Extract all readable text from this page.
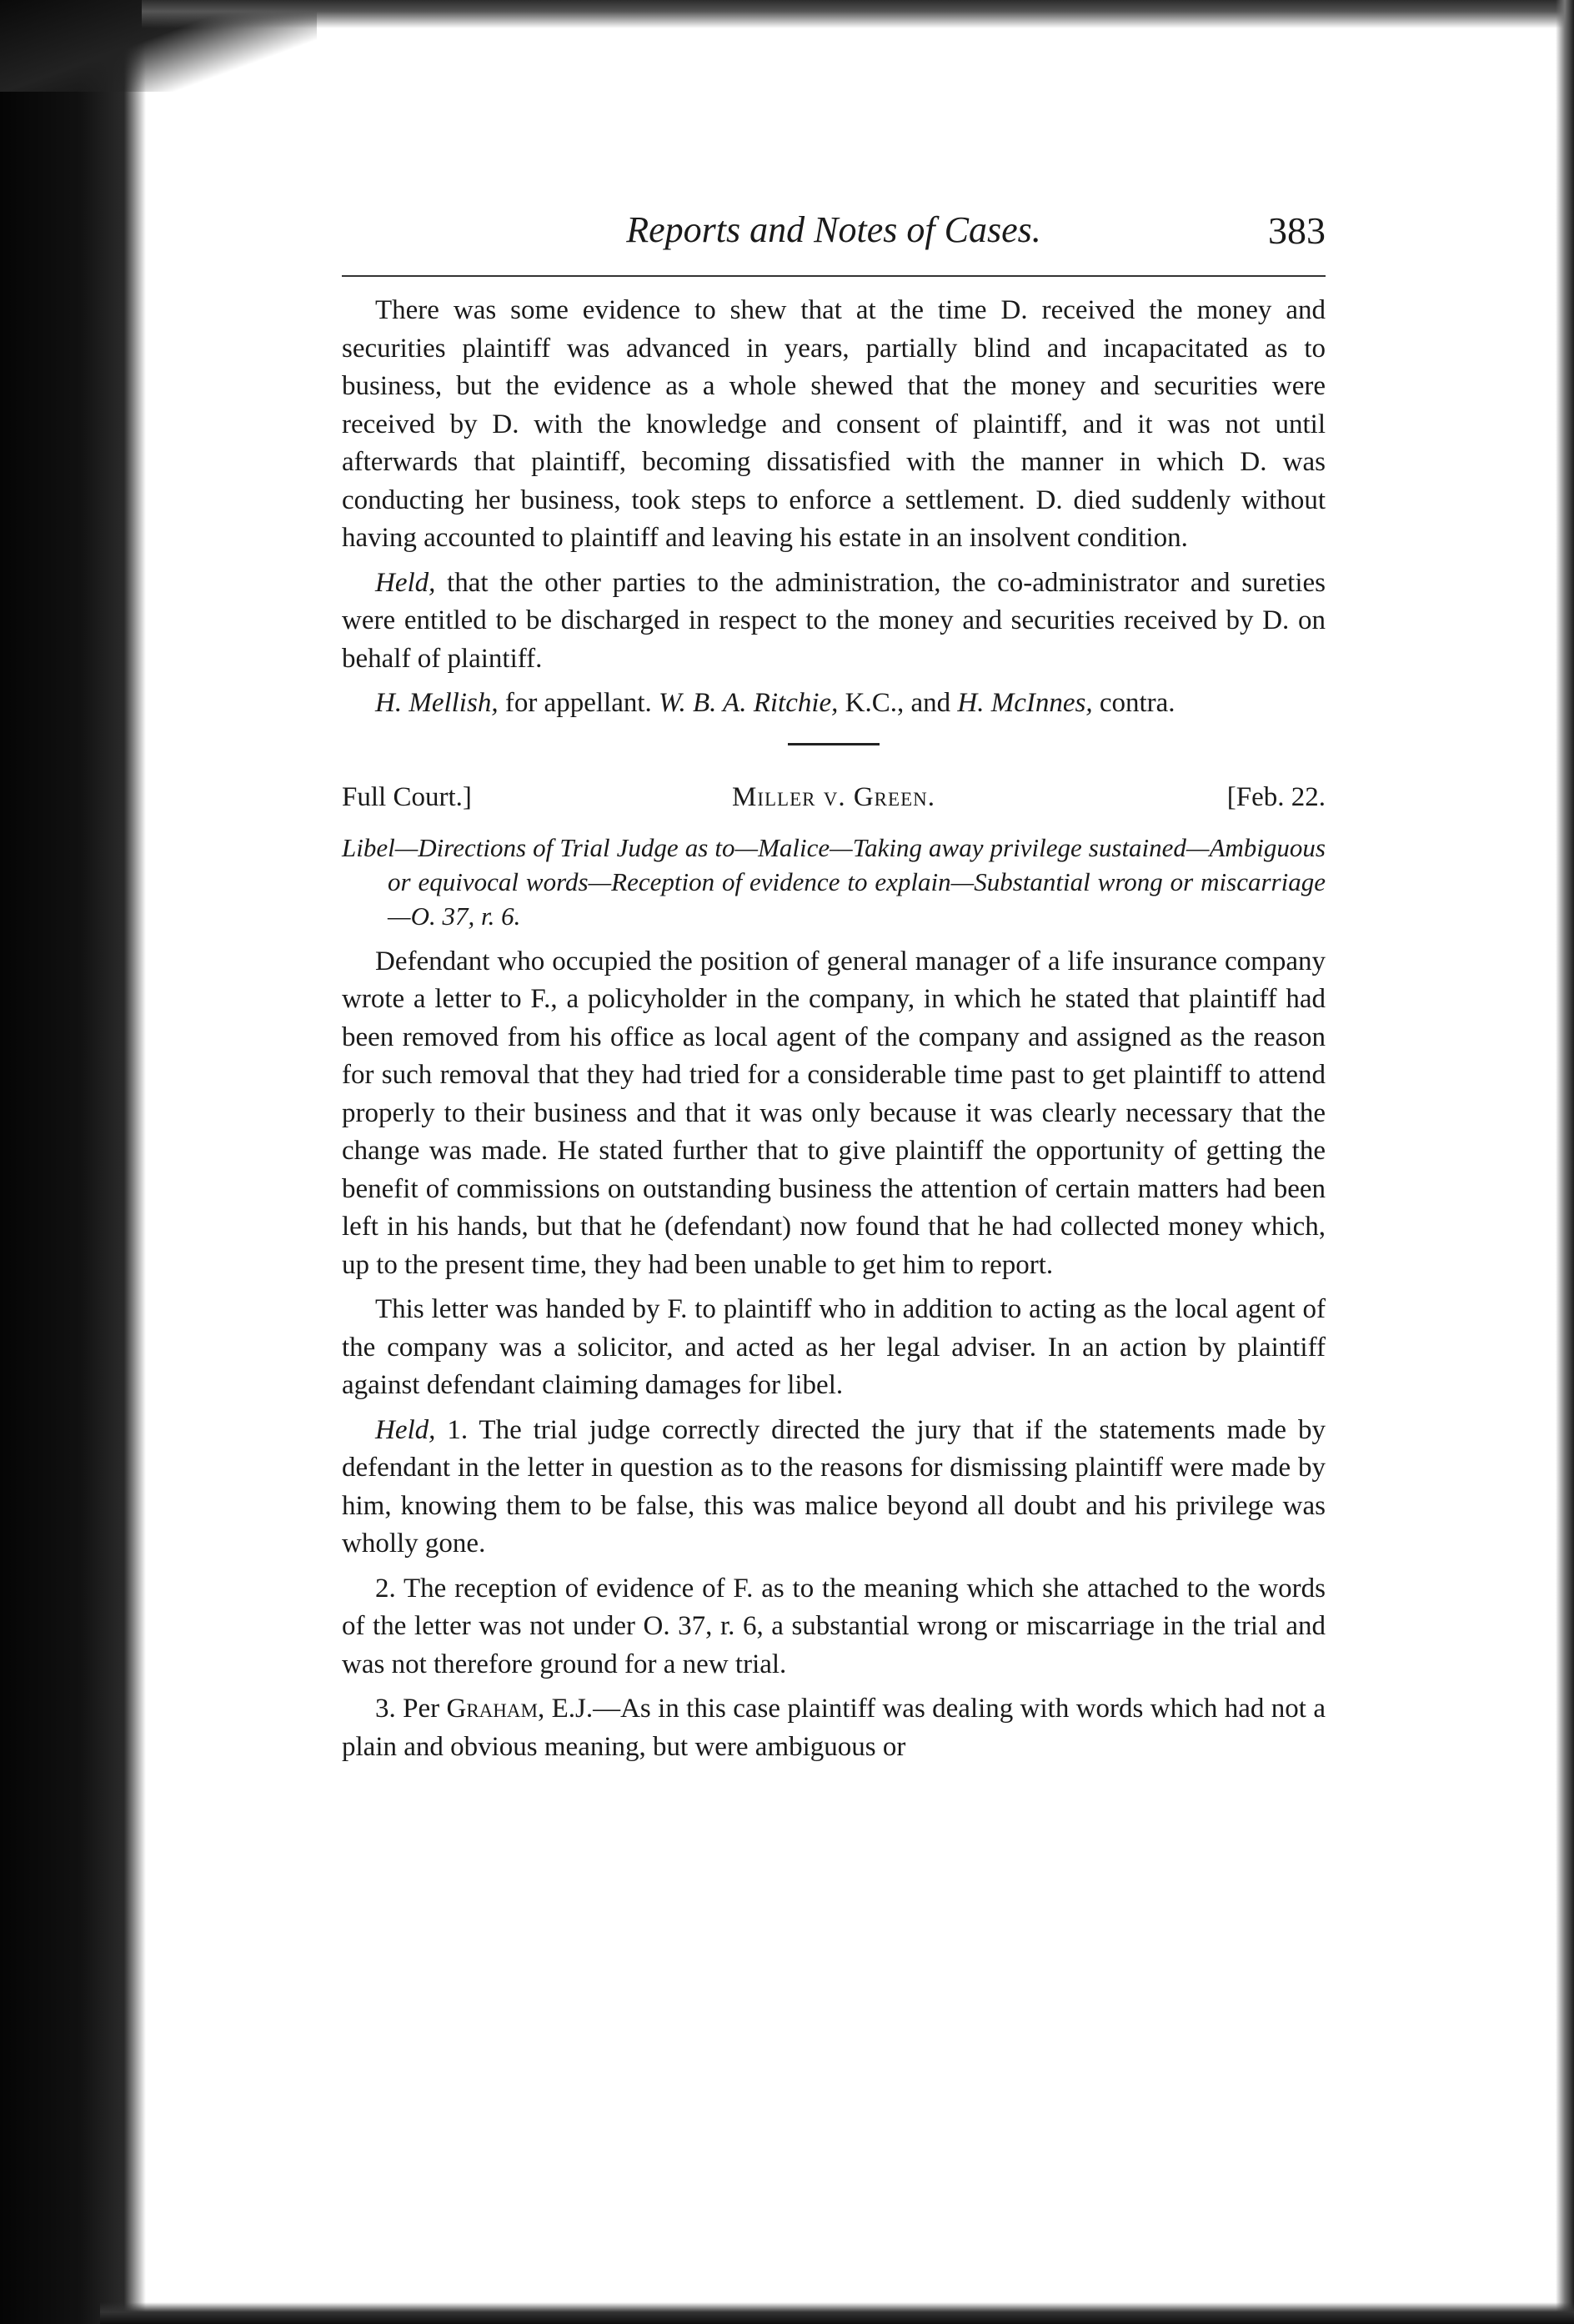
Reports and Notes of Cases.	383

There was some evidence to shew that at the time D. received the money and securities plaintiff was advanced in years, partially blind and incapacitated as to business, but the evidence as a whole shewed that the money and securities were received by D. with the knowledge and consent of plaintiff, and it was not until afterwards that plaintiff, becoming dissatisfied with the manner in which D. was conducting her business, took steps to enforce a settlement. D. died suddenly without having accounted to plaintiff and leaving his estate in an insolvent condition.

Held, that the other parties to the administration, the co-administrator and sureties were entitled to be discharged in respect to the money and securities received by D. on behalf of plaintiff.

H. Mellish, for appellant. W. B. A. Ritchie, K.C., and H. McInnes, contra.

Full Court.]	Miller v. Green.	[Feb. 22.
Libel—Directions of Trial Judge as to—Malice—Taking away privilege sustained—Ambiguous or equivocal words—Reception of evidence to explain—Substantial wrong or miscarriage—O. 37, r. 6.

Defendant who occupied the position of general manager of a life insurance company wrote a letter to F., a policyholder in the company, in which he stated that plaintiff had been removed from his office as local agent of the company and assigned as the reason for such removal that they had tried for a considerable time past to get plaintiff to attend properly to their business and that it was only because it was clearly necessary that the change was made. He stated further that to give plaintiff the opportunity of getting the benefit of commissions on outstanding business the attention of certain matters had been left in his hands, but that he (defendant) now found that he had collected money which, up to the present time, they had been unable to get him to report.

This letter was handed by F. to plaintiff who in addition to acting as the local agent of the company was a solicitor, and acted as her legal adviser. In an action by plaintiff against defendant claiming damages for libel.

Held, 1. The trial judge correctly directed the jury that if the statements made by defendant in the letter in question as to the reasons for dismissing plaintiff were made by him, knowing them to be false, this was malice beyond all doubt and his privilege was wholly gone.

2. The reception of evidence of F. as to the meaning which she attached to the words of the letter was not under O. 37, r. 6, a substantial wrong or miscarriage in the trial and was not therefore ground for a new trial.

3. Per Graham, E.J.—As in this case plaintiff was dealing with words which had not a plain and obvious meaning, but were ambiguous or
